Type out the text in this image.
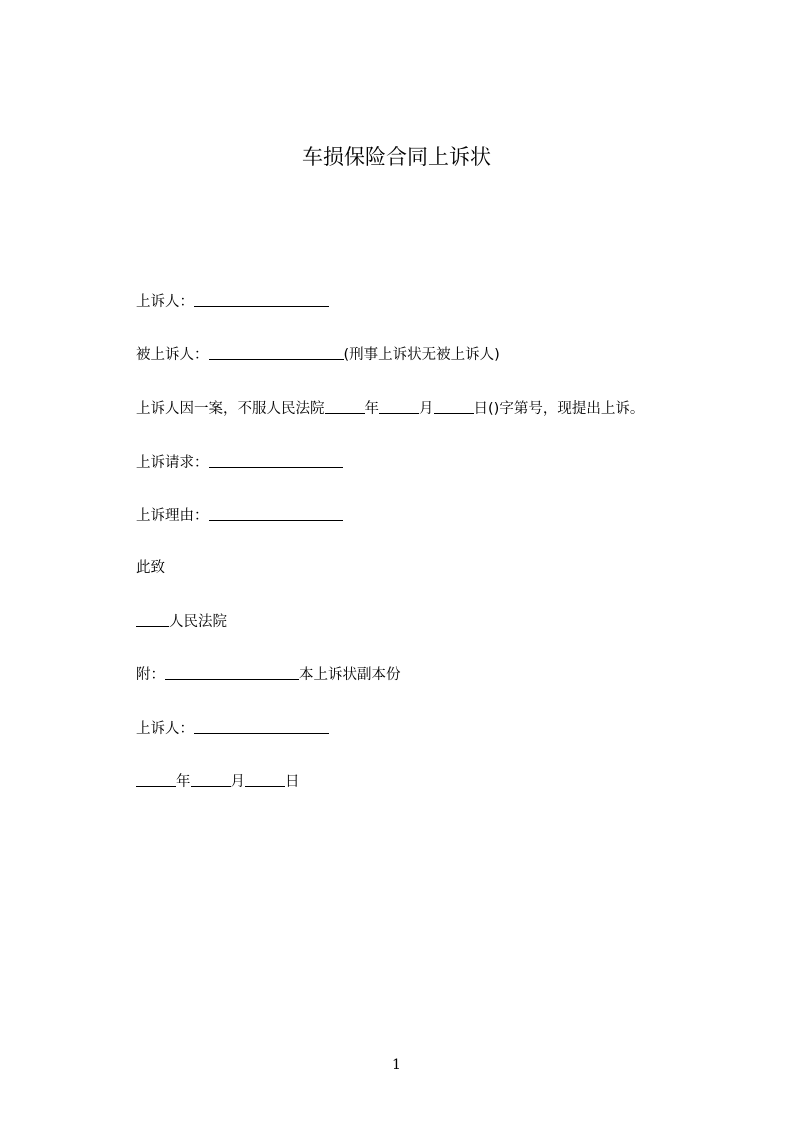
车损保险合同上诉状

上诉人：

被上诉人：	(刑事上诉状无被上诉人)

上诉人因一案，不服人民法院	年	月	日()字第号，现提出上诉。

上诉请求：

上诉理由：

此致

人民法院

附：	本上诉状副本份

上诉人：

年	月	日

1
